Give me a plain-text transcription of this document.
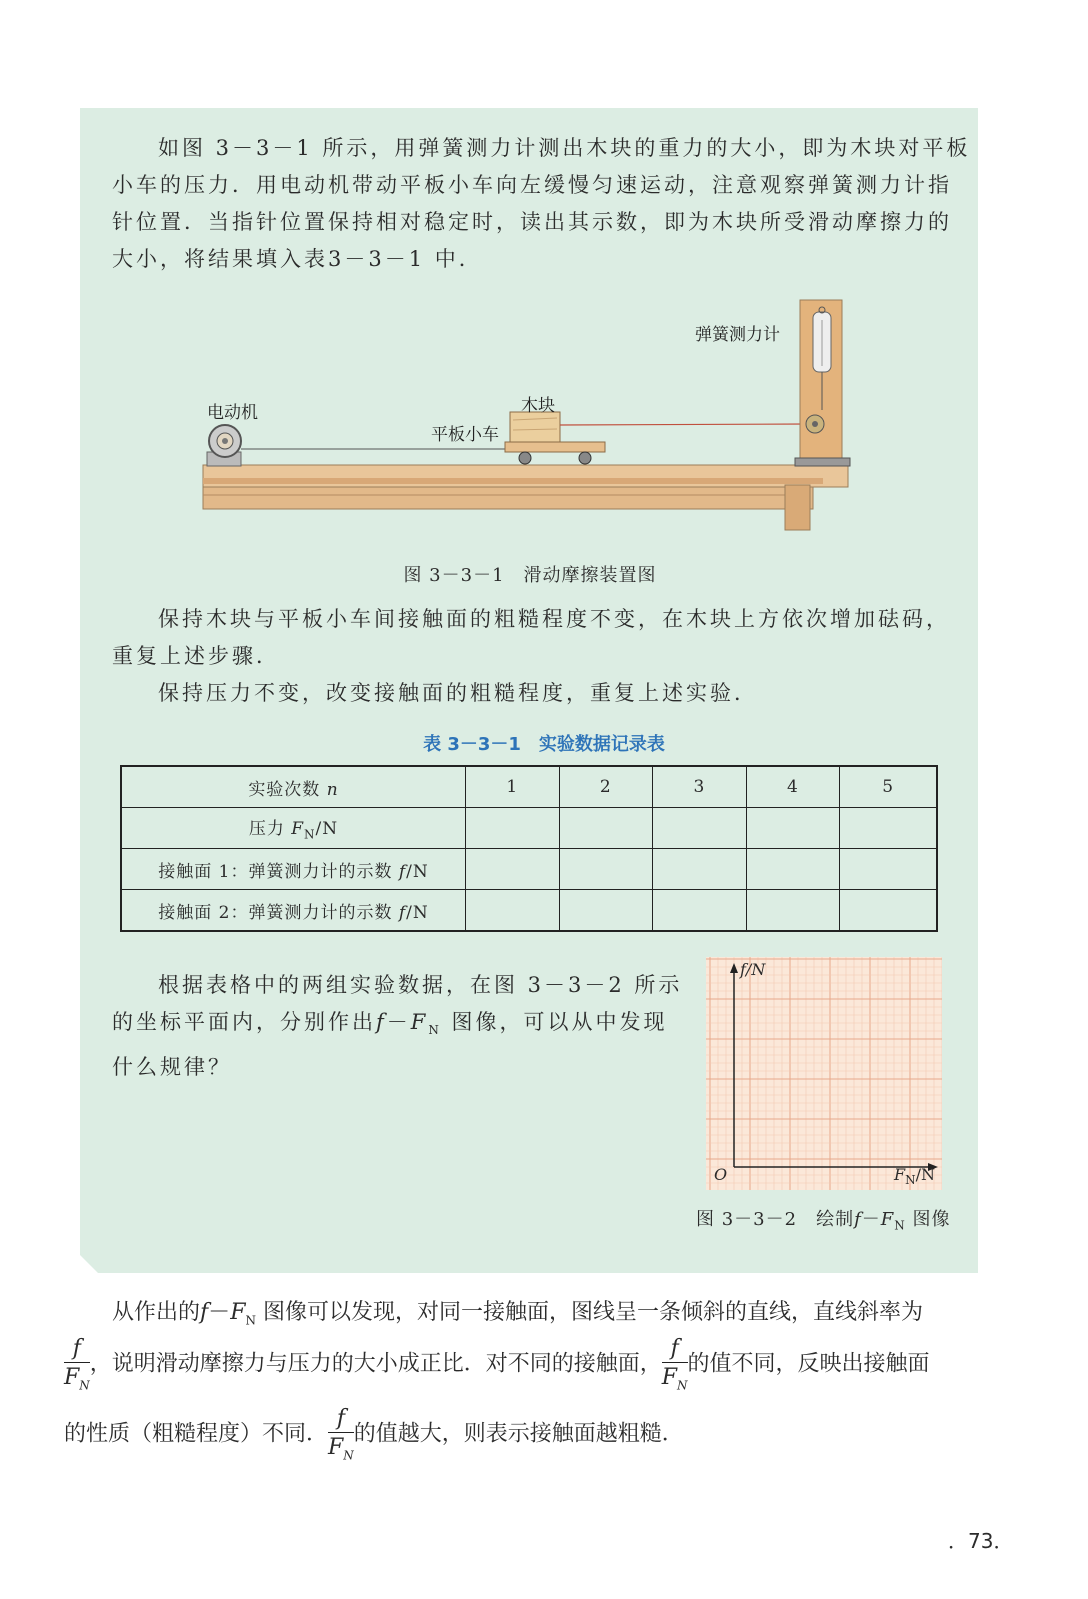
如图 3－3－1 所示，用弹簧测力计测出木块的重力的大小，即为木块对平板
小车的压力．用电动机带动平板小车向左缓慢匀速运动，注意观察弹簧测力计指
针位置．当指针位置保持相对稳定时，读出其示数，即为木块所受滑动摩擦力的
大小，将结果填入表3－3－1 中．

弹簧测力计
电动机	木块
平板小车
图 3－3－1　滑动摩擦装置图

保持木块与平板小车间接触面的粗糙程度不变，在木块上方依次增加砝码，
重复上述步骤．

保持压力不变，改变接触面的粗糙程度，重复上述实验．

表 3－3－1　实验数据记录表
实验次数 n	1	2	3	4	5
压力 $F_N/N$					
接触面 1：弹簧测力计的示数 f/N					
接触面 2：弹簧测力计的示数 f/N					

根据表格中的两组实验数据，在图 3－3－2 所示
的坐标平面内，分别作出$f-F_N$ 图像，可以从中发现
什么规律？

f/N
O	$F_N/N$
图 3－3－2　绘制$f-F_N$ 图像

从作出的$f-F_N$ 图像可以发现，对同一接触面，图线呈一条倾斜的直线，直线斜率为

$\frac{f}{F_N}$ ，说明滑动摩擦力与压力的大小成正比．对不同的接触面， $\frac{f}{F_N}$ 的值不同，反映出接触面
的性质（粗糙程度）不同． $\frac{f}{F_N}$ 的值越大，则表示接触面越粗糙．
．73．
